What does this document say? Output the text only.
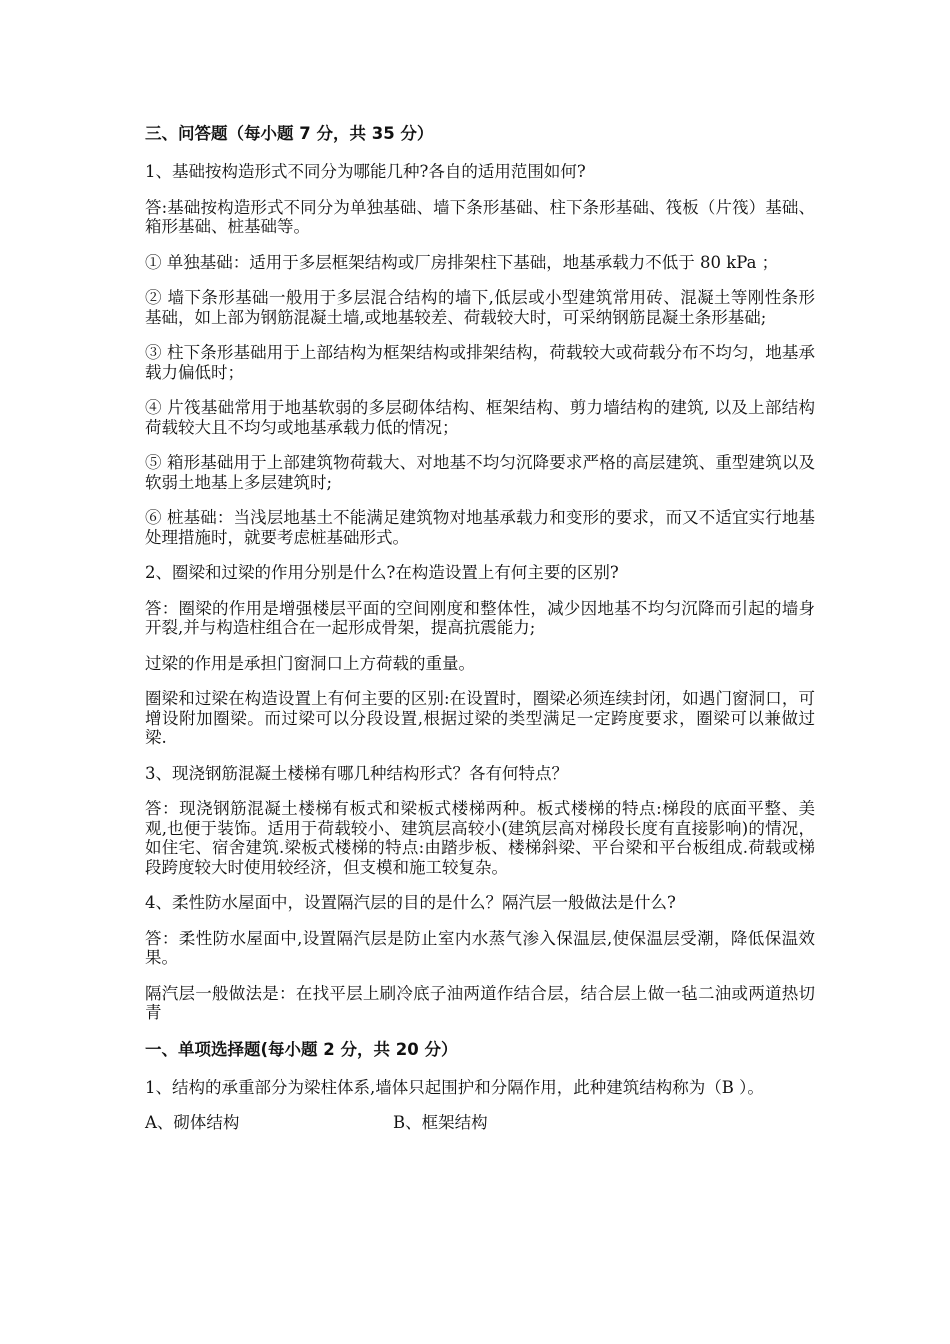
三、问答题（每小题 7 分，共 35 分）
1、基础按构造形式不同分为哪能几种?各自的适用范围如何?
答:基础按构造形式不同分为单独基础、墙下条形基础、柱下条形基础、筏板（片筏）基础、箱形基础、桩基础等。
① 单独基础：适用于多层框架结构或厂房排架柱下基础，地基承载力不低于 80 kPa ；
② 墙下条形基础一般用于多层混合结构的墙下,低层或小型建筑常用砖、混凝土等刚性条形基础，如上部为钢筋混凝土墙,或地基较差、荷载较大时，可采纳钢筋昆凝土条形基础;
③ 柱下条形基础用于上部结构为框架结构或排架结构，荷载较大或荷载分布不均匀，地基承载力偏低时；
④ 片筏基础常用于地基软弱的多层砌体结构、框架结构、剪力墙结构的建筑, 以及上部结构荷载较大且不均匀或地基承载力低的情况；
⑤ 箱形基础用于上部建筑物荷载大、对地基不均匀沉降要求严格的高层建筑、重型建筑以及软弱土地基上多层建筑时;
⑥ 桩基础：当浅层地基土不能满足建筑物对地基承载力和变形的要求，而又不适宜实行地基处理措施时，就要考虑桩基础形式。
2、圈梁和过梁的作用分别是什么?在构造设置上有何主要的区别?
答：圈梁的作用是增强楼层平面的空间刚度和整体性，减少因地基不均匀沉降而引起的墙身开裂,并与构造柱组合在一起形成骨架，提高抗震能力;
过梁的作用是承担门窗洞口上方荷载的重量。
圈梁和过梁在构造设置上有何主要的区别:在设置时，圈梁必须连续封闭，如遇门窗洞口，可增设附加圈梁。而过梁可以分段设置,根据过梁的类型满足一定跨度要求，圈梁可以兼做过梁.
3、现浇钢筋混凝土楼梯有哪几种结构形式？各有何特点？
答：现浇钢筋混凝土楼梯有板式和梁板式楼梯两种。板式楼梯的特点:梯段的底面平整、美观,也便于装饰。适用于荷载较小、建筑层高较小(建筑层高对梯段长度有直接影响)的情况，如住宅、宿舍建筑.梁板式楼梯的特点:由踏步板、楼梯斜梁、平台梁和平台板组成.荷载或梯段跨度较大时使用较经济，但支模和施工较复杂。
4、柔性防水屋面中，设置隔汽层的目的是什么？隔汽层一般做法是什么?
答：柔性防水屋面中,设置隔汽层是防止室内水蒸气渗入保温层,使保温层受潮，降低保温效果。
隔汽层一般做法是：在找平层上刷冷底子油两道作结合层，结合层上做一毡二油或两道热切青
一、单项选择题(每小题 2 分，共 20 分）
1、结构的承重部分为梁柱体系,墙体只起围护和分隔作用，此种建筑结构称为（B ）。
A、砌体结构	B、框架结构
